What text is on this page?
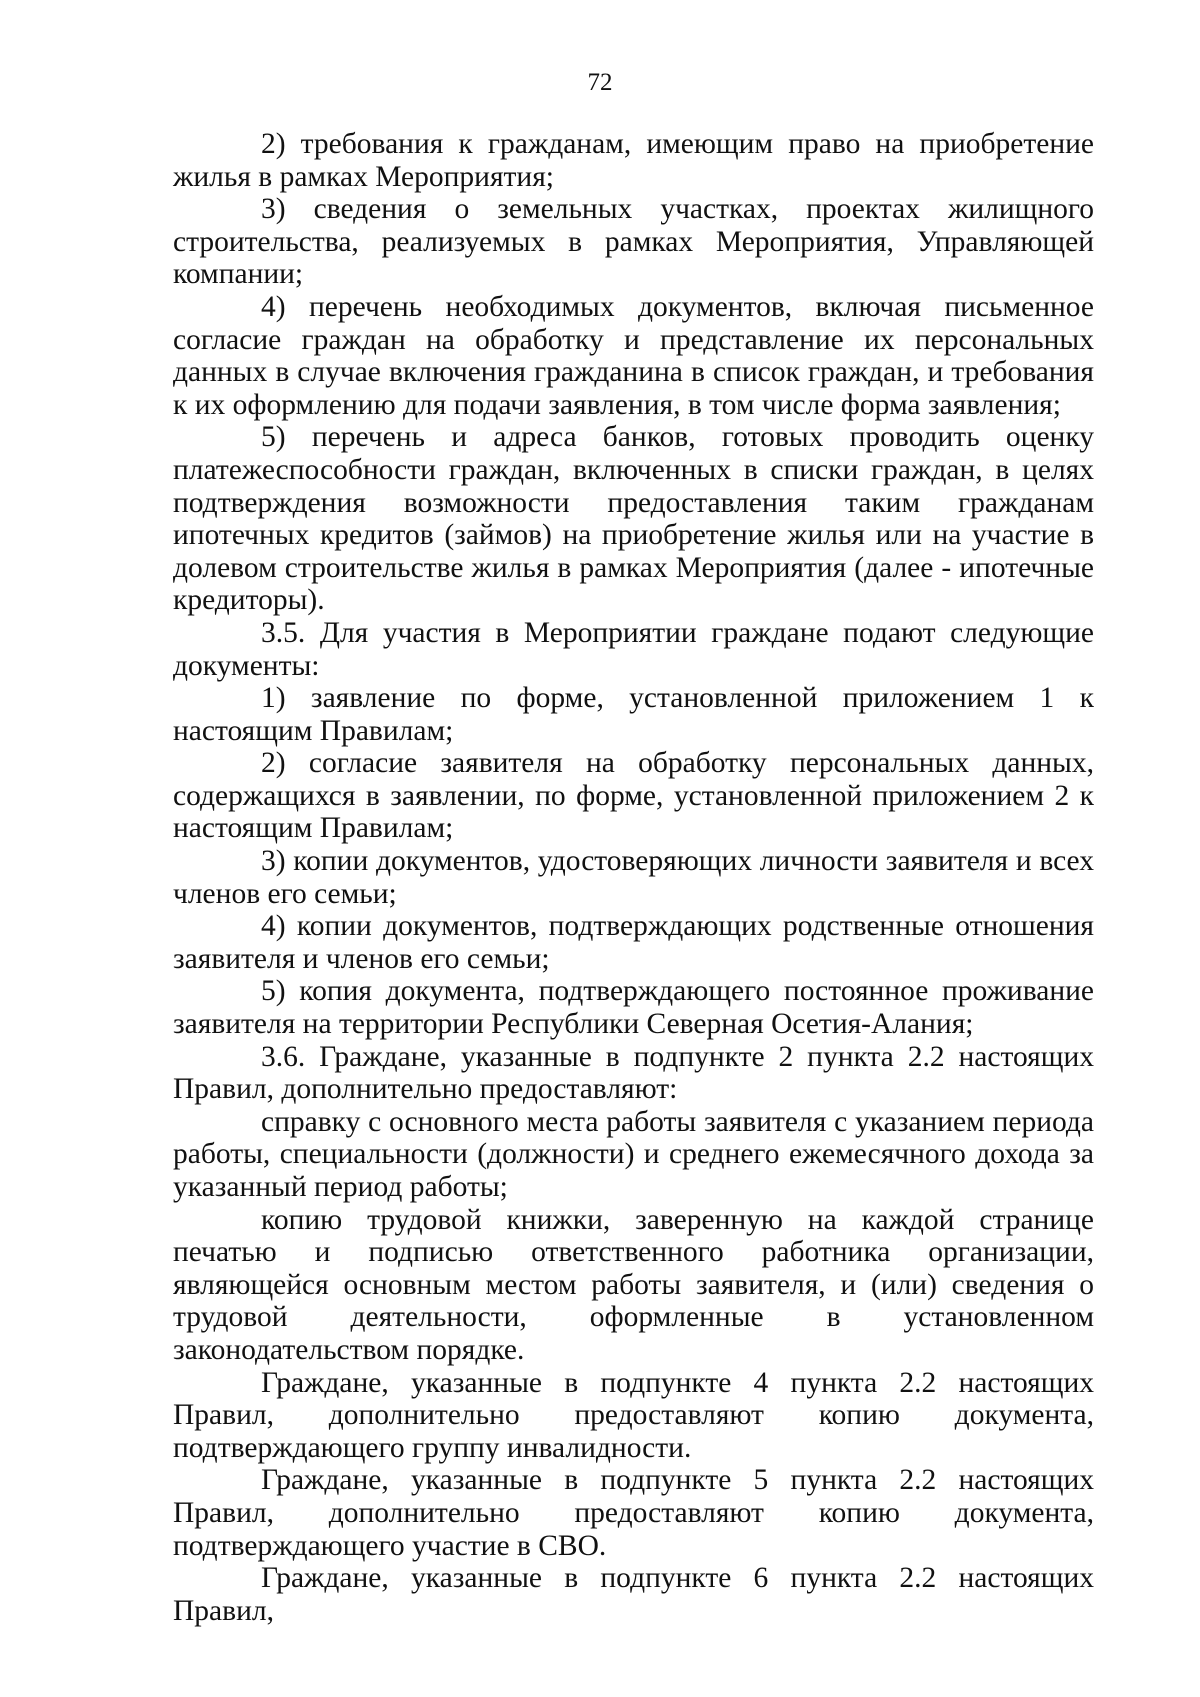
72

2) требования к гражданам, имеющим право на приобретение жилья в рамках Мероприятия;

3) сведения о земельных участках, проектах жилищного строительства, реализуемых в рамках Мероприятия, Управляющей компании;

4) перечень необходимых документов, включая письменное согласие граждан на обработку и представление их персональных данных в случае включения гражданина в список граждан, и требования к их оформлению для подачи заявления, в том числе форма заявления;

5) перечень и адреса банков, готовых проводить оценку платежеспособности граждан, включенных в списки граждан, в целях подтверждения возможности предоставления таким гражданам ипотечных кредитов (займов) на приобретение жилья или на участие в долевом строительстве жилья в рамках Мероприятия (далее - ипотечные кредиторы).

3.5. Для участия в Мероприятии граждане подают следующие документы:

1) заявление по форме, установленной приложением 1 к настоящим Правилам;

2) согласие заявителя на обработку персональных данных, содержащихся в заявлении, по форме, установленной приложением 2 к настоящим Правилам;

3) копии документов, удостоверяющих личности заявителя и всех членов его семьи;

4) копии документов, подтверждающих родственные отношения заявителя и членов его семьи;

5) копия документа, подтверждающего постоянное проживание заявителя на территории Республики Северная Осетия-Алания;

3.6. Граждане, указанные в подпункте 2 пункта 2.2 настоящих Правил, дополнительно предоставляют:

справку с основного места работы заявителя с указанием периода работы, специальности (должности) и среднего ежемесячного дохода за указанный период работы;

копию трудовой книжки, заверенную на каждой странице печатью и подписью ответственного работника организации, являющейся основным местом работы заявителя, и (или) сведения о трудовой деятельности, оформленные в установленном законодательством порядке.

Граждане, указанные в подпункте 4 пункта 2.2 настоящих Правил, дополнительно предоставляют копию документа, подтверждающего группу инвалидности.

Граждане, указанные в подпункте 5 пункта 2.2 настоящих Правил, дополнительно предоставляют копию документа, подтверждающего участие в СВО.

Граждане, указанные в подпункте 6 пункта 2.2 настоящих Правил,
